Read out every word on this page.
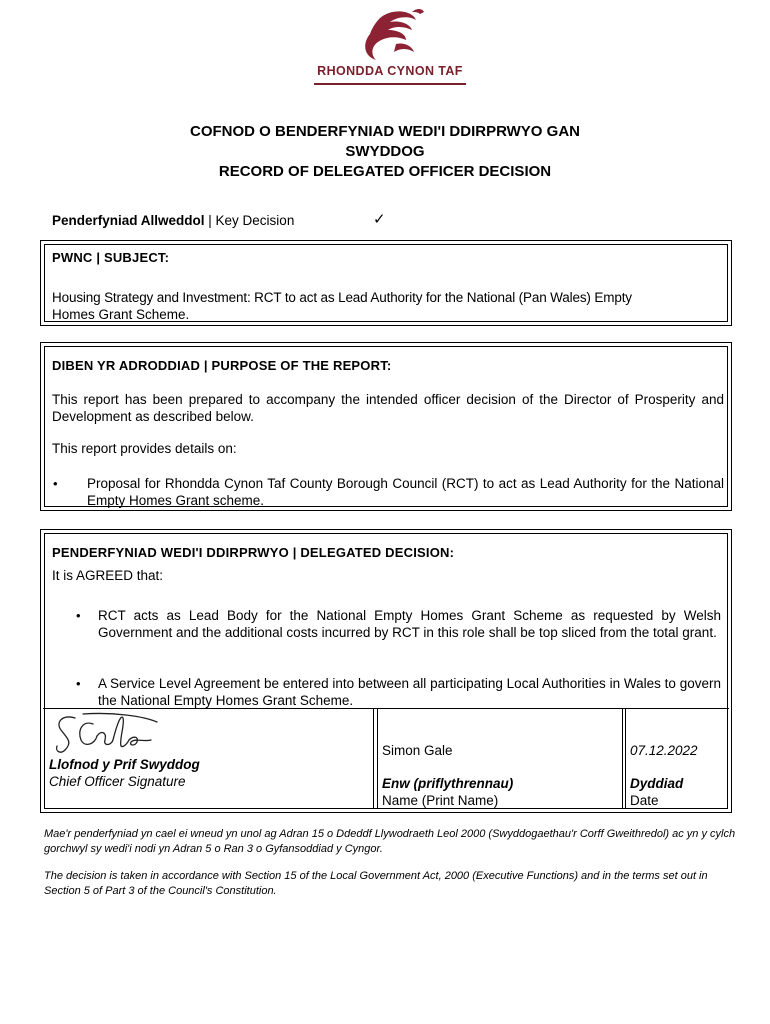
RHONDDA CYNON TAF
COFNOD O BENDERFYNIAD WEDI'I DDIRPRWYO GAN
SWYDDOG
RECORD OF DELEGATED OFFICER DECISION
Penderfyniad Allweddol | Key Decision	✓
PWNC | SUBJECT:
Housing Strategy and Investment: RCT to act as Lead Authority for the National (Pan Wales) Empty
Homes Grant Scheme.
DIBEN YR ADRODDIAD | PURPOSE OF THE REPORT:
This report has been prepared to accompany the intended officer decision of the Director of Prosperity and Development as described below.
This report provides details on:
• Proposal for Rhondda Cynon Taf County Borough Council (RCT) to act as Lead Authority for the National Empty Homes Grant scheme.
PENDERFYNIAD WEDI'I DDIRPRWYO | DELEGATED DECISION:
It is AGREED that:
• RCT acts as Lead Body for the National Empty Homes Grant Scheme as requested by Welsh Government and the additional costs incurred by RCT in this role shall be top sliced from the total grant.
• A Service Level Agreement be entered into between all participating Local Authorities in Wales to govern the National Empty Homes Grant Scheme.
Llofnod y Prif Swyddog
Chief Officer Signature
Simon Gale
Enw (priflythrennau)
Name (Print Name)
07.12.2022
Dyddiad
Date
Mae'r penderfyniad yn cael ei wneud yn unol ag Adran 15 o Ddeddf Llywodraeth Leol 2000 (Swyddogaethau'r Corff Gweithredol) ac yn y cylch gorchwyl sy wedi'i nodi yn Adran 5 o Ran 3 o Gyfansoddiad y Cyngor.
The decision is taken in accordance with Section 15 of the Local Government Act, 2000 (Executive Functions) and in the terms set out in Section 5 of Part 3 of the Council's Constitution.
